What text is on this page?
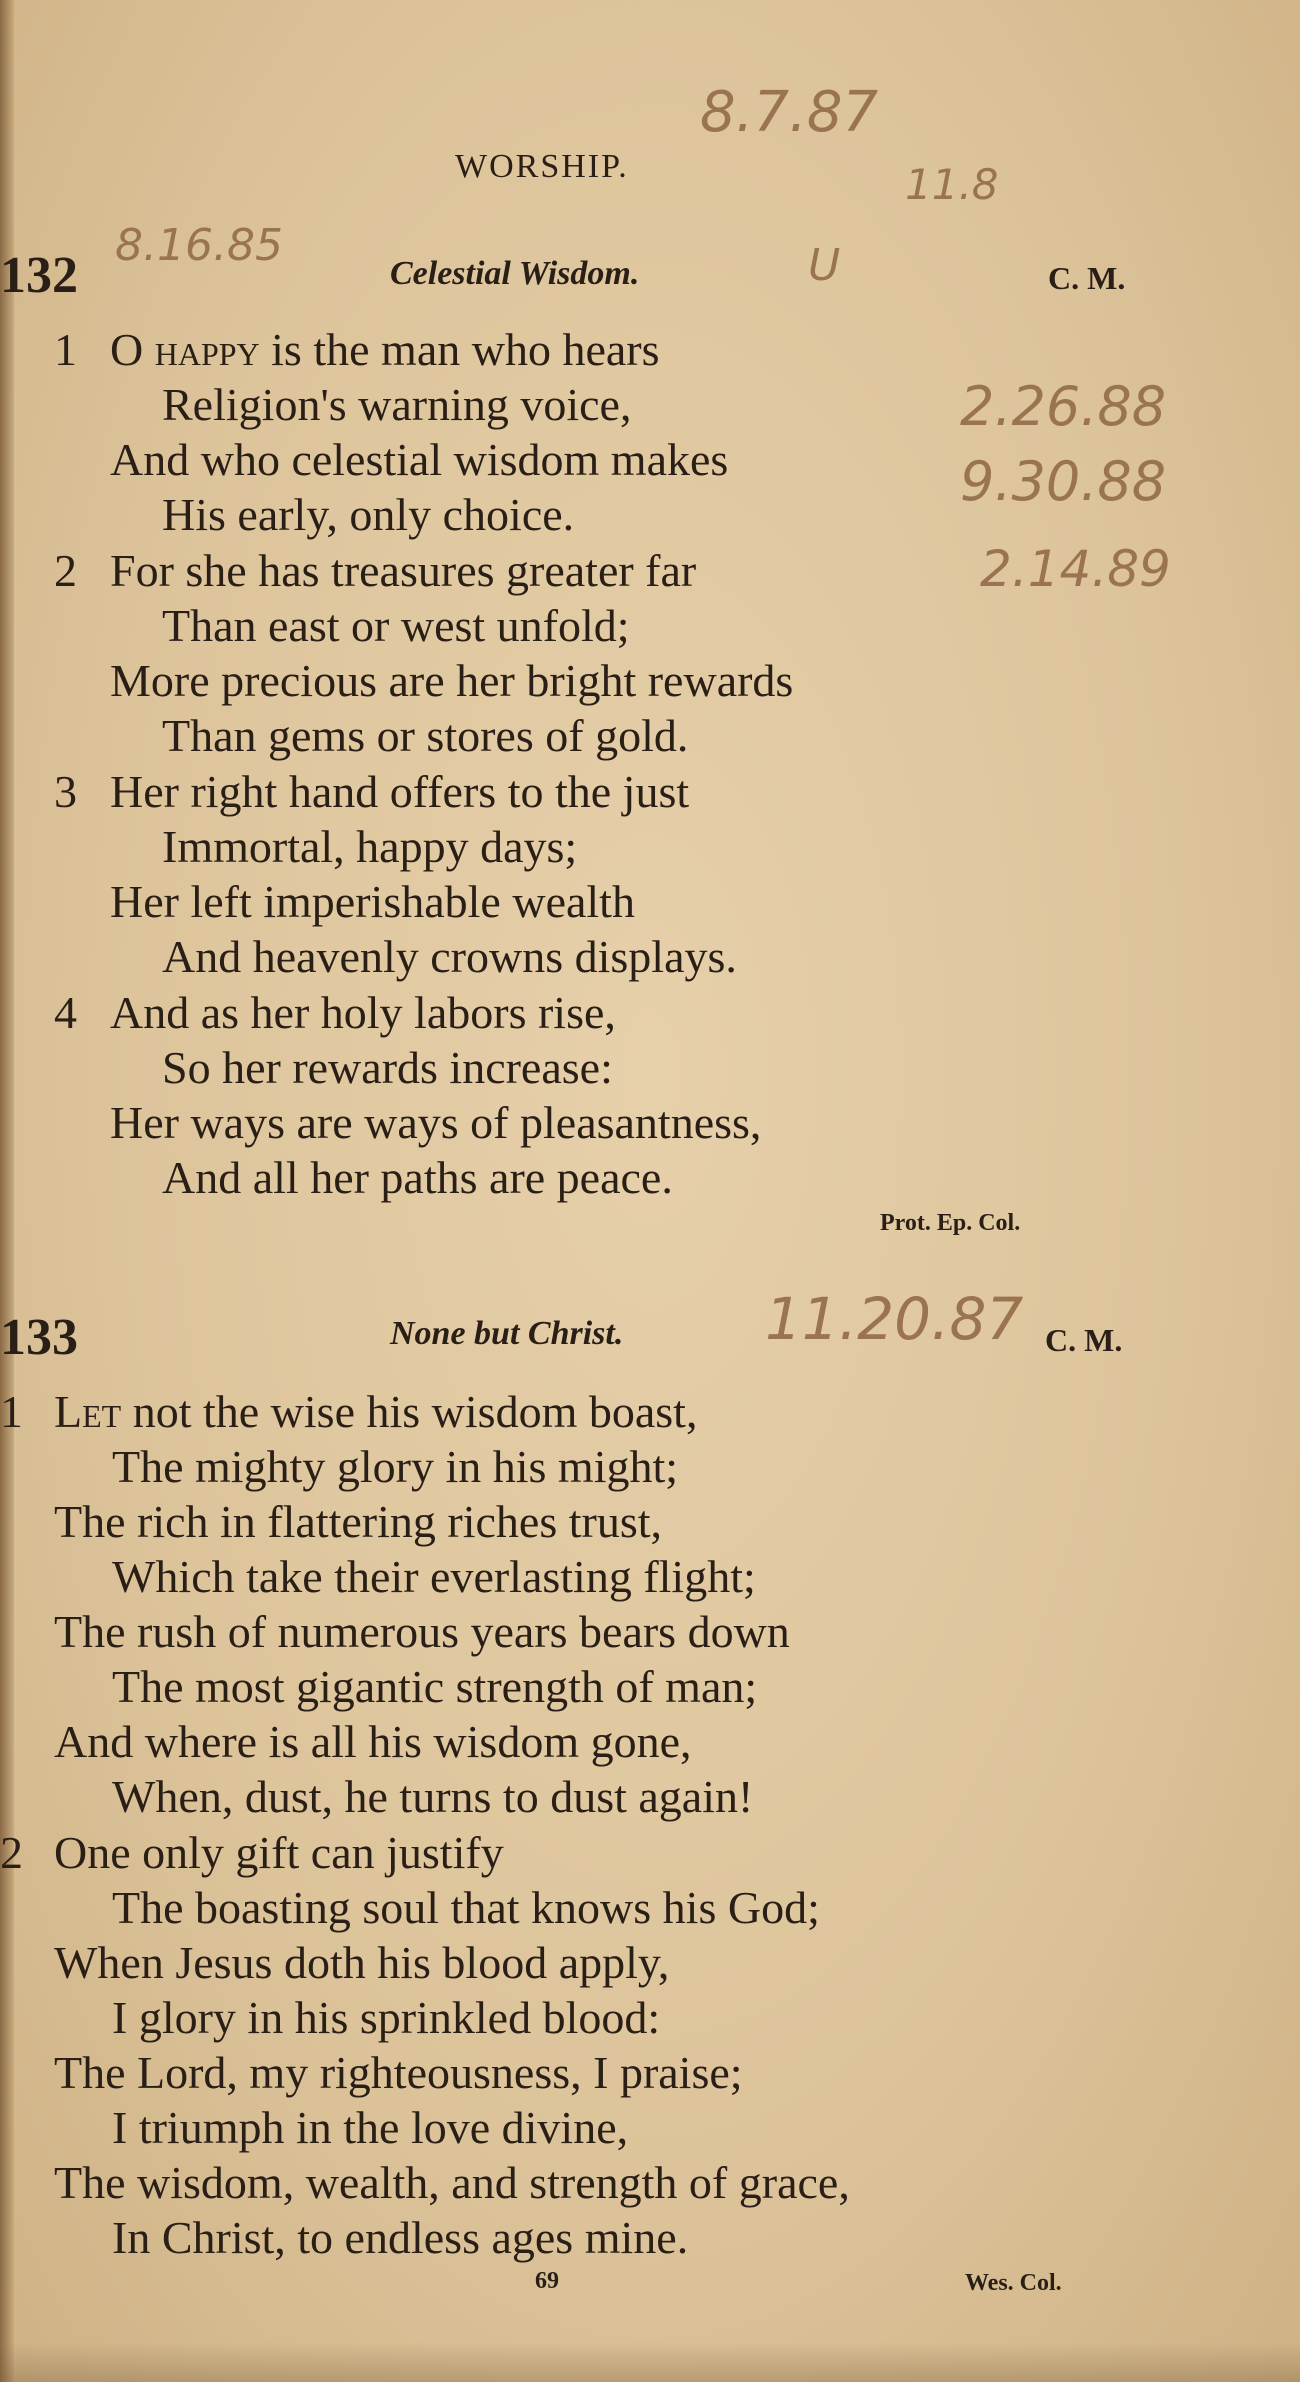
WORSHIP.
8.7.87
11.8
132
8.16.85
Celestial Wisdom.	U	C. M.
1 O happy is the man who hears
Religion's warning voice,
And who celestial wisdom makes
His early, only choice.
2.26.88
9.30.88
2.14.89
2 For she has treasures greater far
Than east or west unfold;
More precious are her bright rewards
Than gems or stores of gold.
3 Her right hand offers to the just
Immortal, happy days;
Her left imperishable wealth
And heavenly crowns displays.
4 And as her holy labors rise,
So her rewards increase:
Her ways are ways of pleasantness,
And all her paths are peace.
Prot. Ep. Col.
133	None but Christ. 11.20.87 C. M.
1 Let not the wise his wisdom boast,
The mighty glory in his might;
The rich in flattering riches trust,
Which take their everlasting flight;
The rush of numerous years bears down
The most gigantic strength of man;
And where is all his wisdom gone,
When, dust, he turns to dust again!
2 One only gift can justify
The boasting soul that knows his God;
When Jesus doth his blood apply,
I glory in his sprinkled blood:
The Lord, my righteousness, I praise;
I triumph in the love divine,
The wisdom, wealth, and strength of grace,
In Christ, to endless ages mine.
69	Wes. Col.
